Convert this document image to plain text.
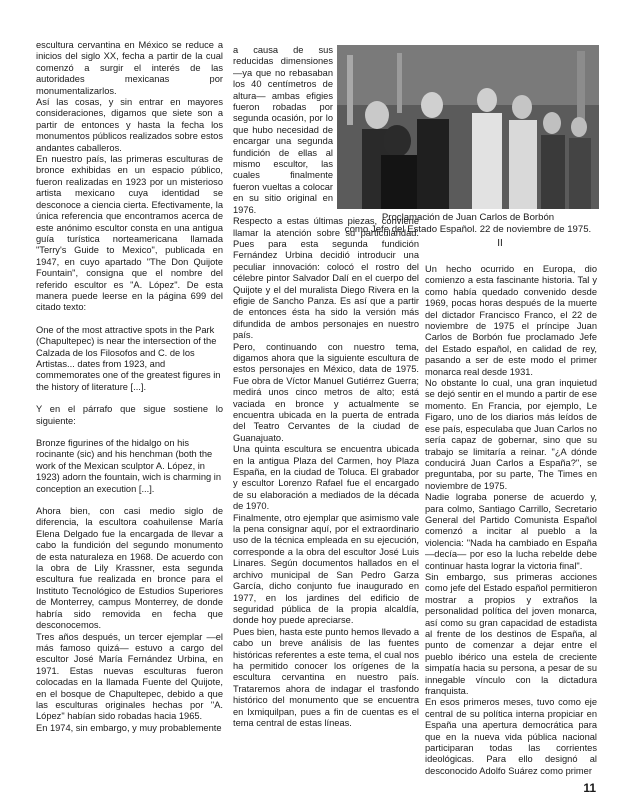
escultura cervantina en México se reduce a inicios del siglo XX, fecha a partir de la cual comenzó a surgir el interés de las autoridades mexicanas por monumentalizarlos.

Así las cosas, y sin entrar en mayores consideraciones, digamos que siete son a partir de entonces y hasta la fecha los monumentos públicos realizados sobre estos andantes caballeros.

En nuestro país, las primeras esculturas de bronce exhibidas en un espacio público, fueron realizadas en 1923 por un misterioso artista mexicano cuya identidad se desconoce a ciencia cierta. Efectivamente, la única referencia que encontramos acerca de este anónimo escultor consta en una antigua guía turística norteamericana llamada "Terry's Guide to Mexico", publicada en 1947, en cuyo apartado "The Don Quijote Fountain", consigna que el nombre del referido escultor es "A. López". De esta manera puede leerse en la página 699 del citado texto:

One of the most attractive spots in the Park (Chapultepec) is near the intersection of the Calzada de los Filosofos and C. de los Artistas... dates from 1923, and commemorates one of the greatest figures in the history of literature [...].

Y en el párrafo que sigue sostiene lo siguiente:

Bronze figurines of the hidalgo on his rocinante (sic) and his henchman (both the work of the Mexican sculptor A. López, in 1923) adorn the fountain, wich is charming in conception an execution [...].

Ahora bien, con casi medio siglo de diferencia, la escultora coahuilense María Elena Delgado fue la encargada de llevar a cabo la fundición del segundo monumento de esta naturaleza en 1968. De acuerdo con la obra de Lily Krassner, esta segunda escultura fue realizada en bronce para el Instituto Tecnológico de Estudios Superiores de Monterrey, campus Monterrey, de donde habría sido removida en fecha que desconocemos.

Tres años después, un tercer ejemplar —el más famoso quizá— estuvo a cargo del escultor José María Fernández Urbina, en 1971. Estas nuevas esculturas fueron colocadas en la llamada Fuente del Quijote, en el bosque de Chapultepec, debido a que las esculturas originales hechas por "A. López" habían sido robadas hacia 1965.

En 1974, sin embargo, y muy probablemente

a causa de sus reducidas dimensiones —ya que no rebasaban los 40 centímetros de altura— ambas efigies fueron robadas por segunda ocasión, por lo que hubo necesidad de encargar una segunda fundición de ellas al mismo escultor, las cuales finalmente fueron vueltas a colocar en su sitio original en 1976.

Respecto a estas últimas piezas, conviene llamar la atención sobre su particularidad. Pues para esta segunda fundición Fernández Urbina decidió introducir una peculiar innovación: colocó el rostro del célebre pintor Salvador Dalí en el cuerpo del Quijote y el del muralista Diego Rivera en la efigie de Sancho Panza. Es así que a partir de entonces ésta ha sido la versión más difundida de ambos personajes en nuestro país.

Pero, continuando con nuestro tema, digamos ahora que la siguiente escultura de estos personajes en México, data de 1975. Fue obra de Víctor Manuel Gutiérrez Guerra; medirá unos cinco metros de alto; está vaciada en bronce y actualmente se encuentra ubicada en la puerta de entrada del Teatro Cervantes de la ciudad de Guanajuato.

Una quinta escultura se encuentra ubicada en la antigua Plaza del Carmen, hoy Plaza España, en la ciudad de Toluca. El grabador y escultor Lorenzo Rafael fue el encargado de su elaboración a mediados de la década de 1970.

Finalmente, otro ejemplar que asimismo vale la pena consignar aquí, por el extraordinario uso de la técnica empleada en su ejecución, corresponde a la obra del escultor José Luis Linares. Según documentos hallados en el archivo municipal de San Pedro Garza García, dicho conjunto fue inaugurado en 1977, en los jardines del edificio de seguridad pública de la propia alcaldía, donde hoy puede apreciarse.

Pues bien, hasta este punto hemos llevado a cabo un breve análisis de las fuentes históricas referentes a este tema, el cual nos ha permitido conocer los orígenes de la escultura cervantina en nuestro país. Trataremos ahora de indagar el trasfondo histórico del monumento que se encuentra en Ixmiquilpan, pues a fin de cuentas es el tema central de estas líneas.

Proclamación de Juan Carlos de Borbón
como Jefe del Estado Español. 22 de noviembre de 1975.
II

Un hecho ocurrido en Europa, dio comienzo a esta fascinante historia. Tal y como había quedado convenido desde 1969, pocas horas después de la muerte del dictador Francisco Franco, el 22 de noviembre de 1975 el príncipe Juan Carlos de Borbón fue proclamado Jefe del Estado español, en calidad de rey, pasando a ser de este modo el primer monarca real desde 1931.

No obstante lo cual, una gran inquietud se dejó sentir en el mundo a partir de ese momento. En Francia, por ejemplo, Le Figaro, uno de los diarios más leídos de ese país, especulaba que Juan Carlos no sería capaz de gobernar, sino que su trabajo se limitaría a reinar. "¿A dónde conducirá Juan Carlos a España?", se preguntaba, por su parte, The Times en noviembre de 1975.

Nadie lograba ponerse de acuerdo y, para colmo, Santiago Carrillo, Secretario General del Partido Comunista Español comenzó a incitar al pueblo a la violencia: "Nada ha cambiado en España —decía— por eso la lucha rebelde debe continuar hasta lograr la victoria final".

Sin embargo, sus primeras acciones como jefe del Estado español permitieron mostrar a propios y extraños la personalidad política del joven monarca, así como su gran capacidad de estadista al frente de los destinos de España, al punto de comenzar a dejar entre el pueblo ibérico una estela de creciente simpatía hacia su persona, a pesar de su innegable vínculo con la dictadura franquista.

En esos primeros meses, tuvo como eje central de su política interna propiciar en España una apertura democrática para que en la nueva vida pública nacional participaran todas las corrientes ideológicas. Para ello designó al desconocido Adolfo Suárez como primer

11
